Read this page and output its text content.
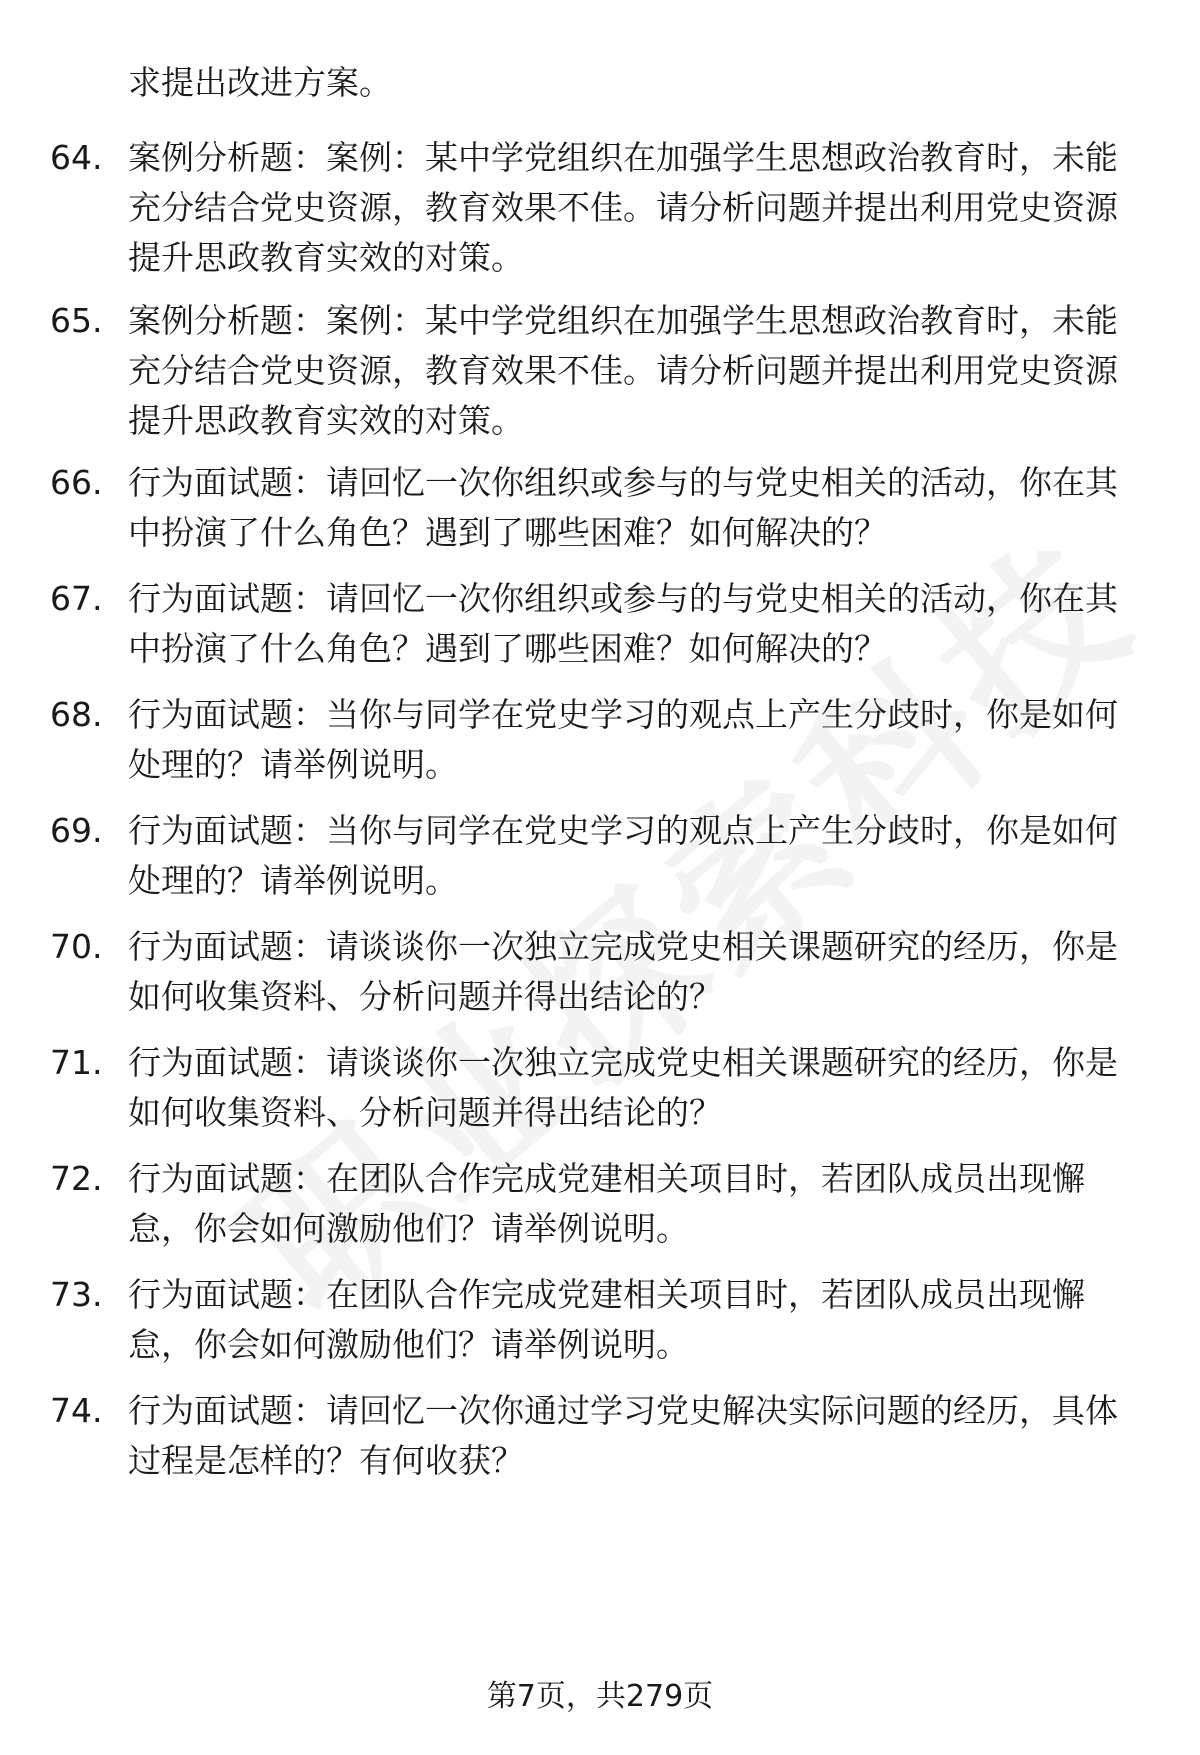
求提出改进方案。
64. 案例分析题：案例：某中学党组织在加强学生思想政治教育时，未能充分结合党史资源，教育效果不佳。请分析问题并提出利用党史资源提升思政教育实效的对策。
65. 案例分析题：案例：某中学党组织在加强学生思想政治教育时，未能充分结合党史资源，教育效果不佳。请分析问题并提出利用党史资源提升思政教育实效的对策。
66. 行为面试题：请回忆一次你组织或参与的与党史相关的活动，你在其中扮演了什么角色？遇到了哪些困难？如何解决的？
67. 行为面试题：请回忆一次你组织或参与的与党史相关的活动，你在其中扮演了什么角色？遇到了哪些困难？如何解决的？
68. 行为面试题：当你与同学在党史学习的观点上产生分歧时，你是如何处理的？请举例说明。
69. 行为面试题：当你与同学在党史学习的观点上产生分歧时，你是如何处理的？请举例说明。
70. 行为面试题：请谈谈你一次独立完成党史相关课题研究的经历，你是如何收集资料、分析问题并得出结论的？
71. 行为面试题：请谈谈你一次独立完成党史相关课题研究的经历，你是如何收集资料、分析问题并得出结论的？
72. 行为面试题：在团队合作完成党建相关项目时，若团队成员出现懈怠，你会如何激励他们？请举例说明。
73. 行为面试题：在团队合作完成党建相关项目时，若团队成员出现懈怠，你会如何激励他们？请举例说明。
74. 行为面试题：请回忆一次你通过学习党史解决实际问题的经历，具体过程是怎样的？有何收获？
第7页，共279页
